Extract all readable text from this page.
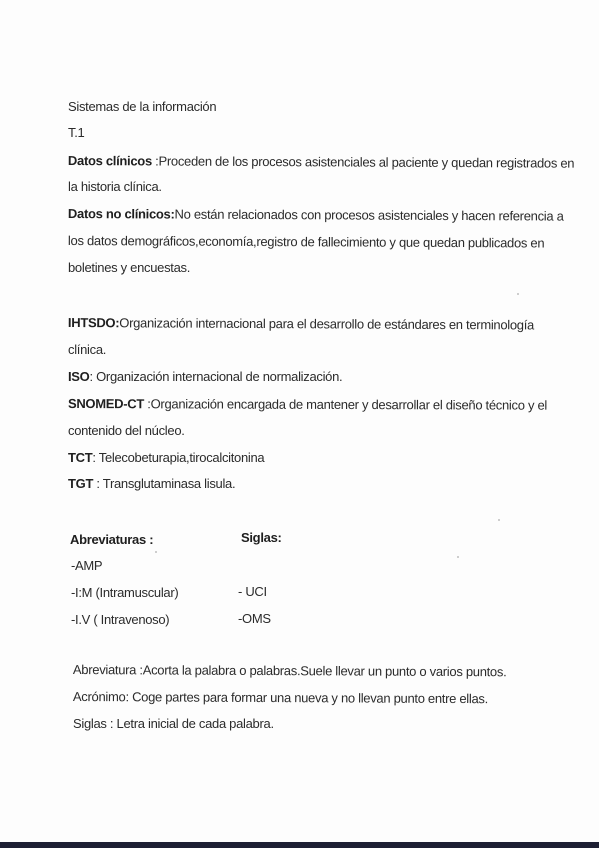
Sistemas de la información
T.1
Datos clínicos :Proceden de los procesos asistenciales al paciente y quedan registrados en
la historia clínica.
Datos no clínicos:No están relacionados con procesos asistenciales y hacen referencia a
los datos demográficos,economía,registro de fallecimiento y que quedan publicados en
boletines y encuestas.
IHTSDO:Organización internacional para el desarrollo de estándares en terminología
clínica.
ISO: Organización internacional de normalización.
SNOMED-CT :Organización encargada de mantener y desarrollar el diseño técnico y el
contenido del núcleo.
TCT: Telecobeturapia,tirocalcitonina
TGT : Transglutaminasa lisula.
Abreviaturas :	Siglas:
-AMP
-I:M (Intramuscular)
-I.V ( Intravenoso)
- UCI
-OMS
Abreviatura :Acorta la palabra o palabras.Suele llevar un punto o varios puntos.
Acrónimo: Coge partes para formar una nueva y no llevan punto entre ellas.
Siglas : Letra inicial de cada palabra.
